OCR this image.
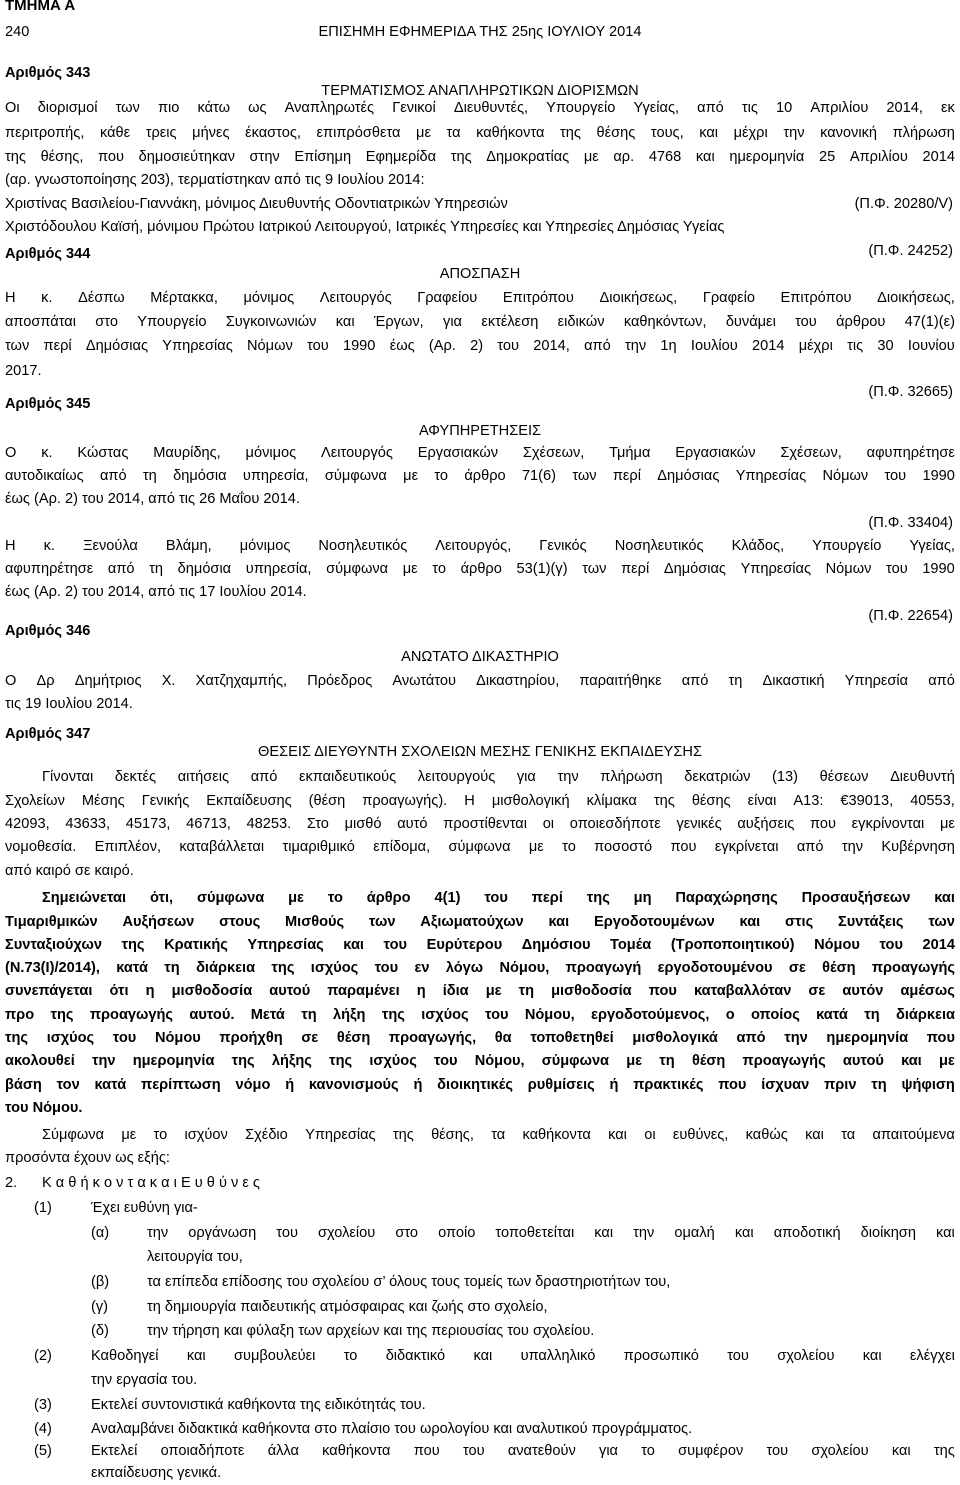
ΤΜΗΜΑ Α
240	ΕΠΙΣΗΜΗ ΕΦΗΜΕΡΙΔΑ ΤΗΣ 25ης ΙΟΥΛΙΟΥ 2014
Αριθμός 343
ΤΕΡΜΑΤΙΣΜΟΣ ΑΝΑΠΛΗΡΩΤΙΚΩΝ ΔΙΟΡΙΣΜΩΝ
Οι διορισμοί των πιο κάτω ως Αναπληρωτές Γενικοί Διευθυντές, Υπουργείο Υγείας, από τις 10 Απριλίου 2014, εκ
περιτροπής, κάθε τρεις μήνες έκαστος, επιπρόσθετα με τα καθήκοντα της θέσης τους, και μέχρι την κανονική πλήρωση
της θέσης, που δημοσιεύτηκαν στην Επίσημη Εφημερίδα της Δημοκρατίας με αρ. 4768 και ημερομηνία 25 Απριλίου 2014
(αρ. γνωστοποίησης 203), τερματίστηκαν από τις 9 Ιουλίου 2014:
Χριστίνας Βασιλείου-Γιαννάκη, μόνιμος Διευθυντής Οδοντιατρικών Υπηρεσιών	(Π.Φ. 20280/V)
Χριστόδουλου Καϊσή, μόνιμου Πρώτου Ιατρικού Λειτουργού, Ιατρικές Υπηρεσίες και Υπηρεσίες Δημόσιας Υγείας
(Π.Φ. 24252)
Αριθμός 344
ΑΠΟΣΠΑΣΗ
Η κ. Δέσπω Μέρτακκα, μόνιμος Λειτουργός Γραφείου Επιτρόπου Διοικήσεως, Γραφείο Επιτρόπου Διοικήσεως,
αποσπάται στο Υπουργείο Συγκοινωνιών και Έργων, για εκτέλεση ειδικών καθηκόντων, δυνάμει του άρθρου 47(1)(ε)
των περί Δημόσιας Υπηρεσίας Νόμων του 1990 έως (Αρ. 2) του 2014, από την 1η Ιουλίου 2014 μέχρι τις 30 Ιουνίου
2017.
(Π.Φ. 32665)
Αριθμός 345
ΑΦΥΠΗΡΕΤΗΣΕΙΣ
Ο κ. Κώστας Μαυρίδης, μόνιμος Λειτουργός Εργασιακών Σχέσεων, Τμήμα Εργασιακών Σχέσεων, αφυπηρέτησε
αυτοδικαίως από τη δημόσια υπηρεσία, σύμφωνα με το άρθρο 71(6) των περί Δημόσιας Υπηρεσίας Νόμων του 1990
έως (Αρ. 2) του 2014, από τις 26 Μαΐου 2014.
(Π.Φ. 33404)
Η κ. Ξενούλα Βλάμη, μόνιμος Νοσηλευτικός Λειτουργός, Γενικός Νοσηλευτικός Κλάδος, Υπουργείο Υγείας,
αφυπηρέτησε από τη δημόσια υπηρεσία, σύμφωνα με το άρθρο 53(1)(γ) των περί Δημόσιας Υπηρεσίας Νόμων του 1990
έως (Αρ. 2) του 2014, από τις 17 Ιουλίου 2014.
(Π.Φ. 22654)
Αριθμός 346
ΑΝΩΤΑΤΟ ΔΙΚΑΣΤΗΡΙΟ
Ο Δρ Δημήτριος Χ. Χατζηχαμπής, Πρόεδρος Ανωτάτου Δικαστηρίου, παραιτήθηκε από τη Δικαστική Υπηρεσία από
τις 19 Ιουλίου 2014.
Αριθμός 347
ΘΕΣΕΙΣ ΔΙΕΥΘΥΝΤΗ ΣΧΟΛΕΙΩΝ ΜΕΣΗΣ ΓΕΝΙΚΗΣ ΕΚΠΑΙΔΕΥΣΗΣ
Γίνονται δεκτές αιτήσεις από εκπαιδευτικούς λειτουργούς για την πλήρωση δεκατριών (13) θέσεων Διευθυντή
Σχολείων Μέσης Γενικής Εκπαίδευσης (θέση προαγωγής). Η μισθολογική κλίμακα της θέσης είναι Α13: €39013, 40553,
42093, 43633, 45173, 46713, 48253. Στο μισθό αυτό προστίθενται οι οποιεσδήποτε γενικές αυξήσεις που εγκρίνονται με
νομοθεσία. Επιπλέον, καταβάλλεται τιμαριθμικό επίδομα, σύμφωνα με το ποσοστό που εγκρίνεται από την Κυβέρνηση
από καιρό σε καιρό.
Σημειώνεται ότι, σύμφωνα με το άρθρο 4(1) του περί της μη Παραχώρησης Προσαυξήσεων και
Τιμαριθμικών Αυξήσεων στους Μισθούς των Αξιωματούχων και Εργοδοτουμένων και στις Συντάξεις των
Συνταξιούχων της Κρατικής Υπηρεσίας και του Ευρύτερου Δημόσιου Τομέα (Τροποποιητικού) Νόμου του 2014
(Ν.73(Ι)/2014), κατά τη διάρκεια της ισχύος του εν λόγω Νόμου, προαγωγή εργοδοτουμένου σε θέση προαγωγής
συνεπάγεται ότι η μισθοδοσία αυτού παραμένει η ίδια με τη μισθοδοσία που καταβαλλόταν σε αυτόν αμέσως
προ της προαγωγής αυτού. Μετά τη λήξη της ισχύος του Νόμου, εργοδοτούμενος, ο οποίος κατά τη διάρκεια
της ισχύος του Νόμου προήχθη σε θέση προαγωγής, θα τοποθετηθεί μισθολογικά από την ημερομηνία που
ακολουθεί την ημερομηνία της λήξης της ισχύος του Νόμου, σύμφωνα με τη θέση προαγωγής αυτού και με
βάση τον κατά περίπτωση νόμο ή κανονισμούς ή διοικητικές ρυθμίσεις ή πρακτικές που ίσχυαν πριν τη ψήφιση
του Νόμου.
Σύμφωνα με το ισχύον Σχέδιο Υπηρεσίας της θέσης, τα καθήκοντα και οι ευθύνες, καθώς και τα απαιτούμενα
προσόντα έχουν ως εξής:
2. Κ α θ ή κ ο ν τ α κ α ι Ε υ θ ύ ν ε ς
(1)	Έχει ευθύνη για-
(α)	την οργάνωση του σχολείου στο οποίο τοποθετείται και την ομαλή και αποδοτική διοίκηση και
λειτουργία του,
(β)	τα επίπεδα επίδοσης του σχολείου σ’ όλους τους τομείς των δραστηριοτήτων του,
(γ)	τη δημιουργία παιδευτικής ατμόσφαιρας και ζωής στο σχολείο,
(δ)	την τήρηση και φύλαξη των αρχείων και της περιουσίας του σχολείου.
(2)	Καθοδηγεί και συμβουλεύει το διδακτικό και υπαλληλικό προσωπικό του σχολείου και ελέγχει
την εργασία του.
(3)	Εκτελεί συντονιστικά καθήκοντα της ειδικότητάς του.
(4)	Αναλαμβάνει διδακτικά καθήκοντα στο πλαίσιο του ωρολογίου και αναλυτικού προγράμματος.
(5)	Εκτελεί οποιαδήποτε άλλα καθήκοντα που του ανατεθούν για το συμφέρον του σχολείου και της
εκπαίδευσης γενικά.
